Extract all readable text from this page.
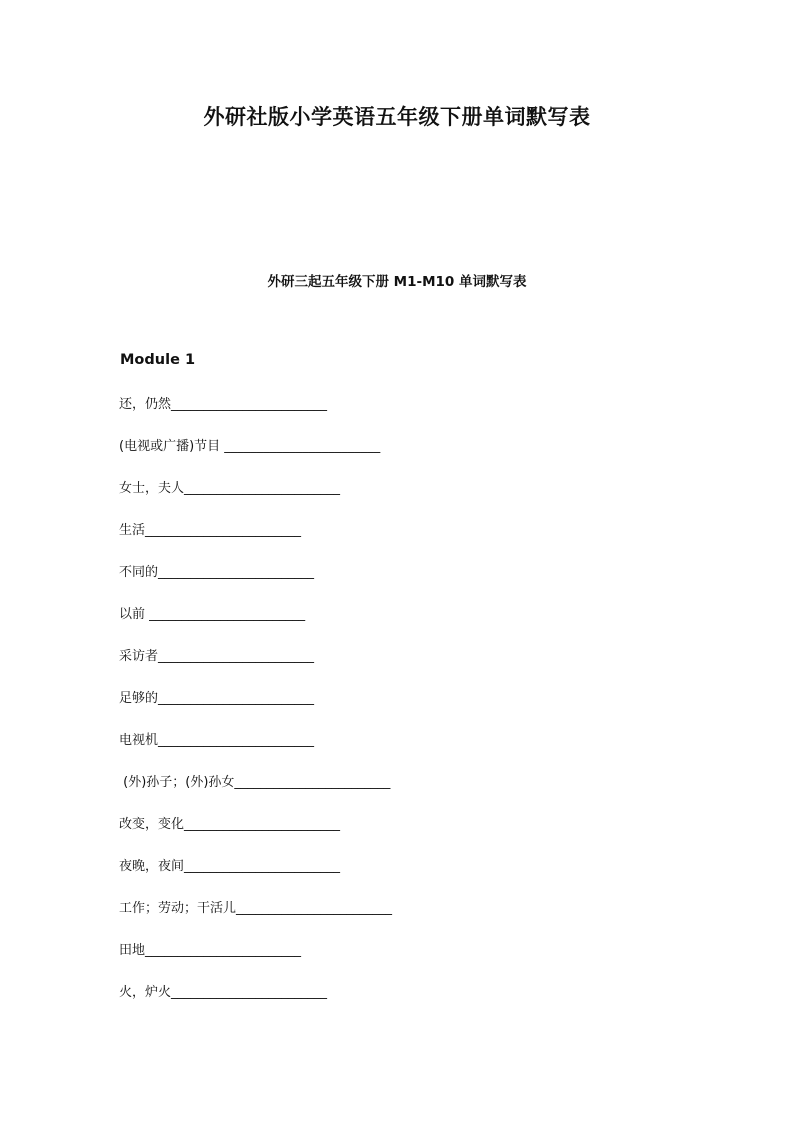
外研社版小学英语五年级下册单词默写表
外研三起五年级下册 M1-M10 单词默写表
Module 1
还，仍然________________________
(电视或广播)节目 ________________________
女士，夫人________________________
生活________________________
不同的________________________
以前 ________________________
采访者________________________
足够的________________________
电视机________________________
(外)孙子；(外)孙女________________________
改变，变化________________________
夜晚，夜间________________________
工作；劳动；干活儿________________________
田地________________________
火，炉火________________________
